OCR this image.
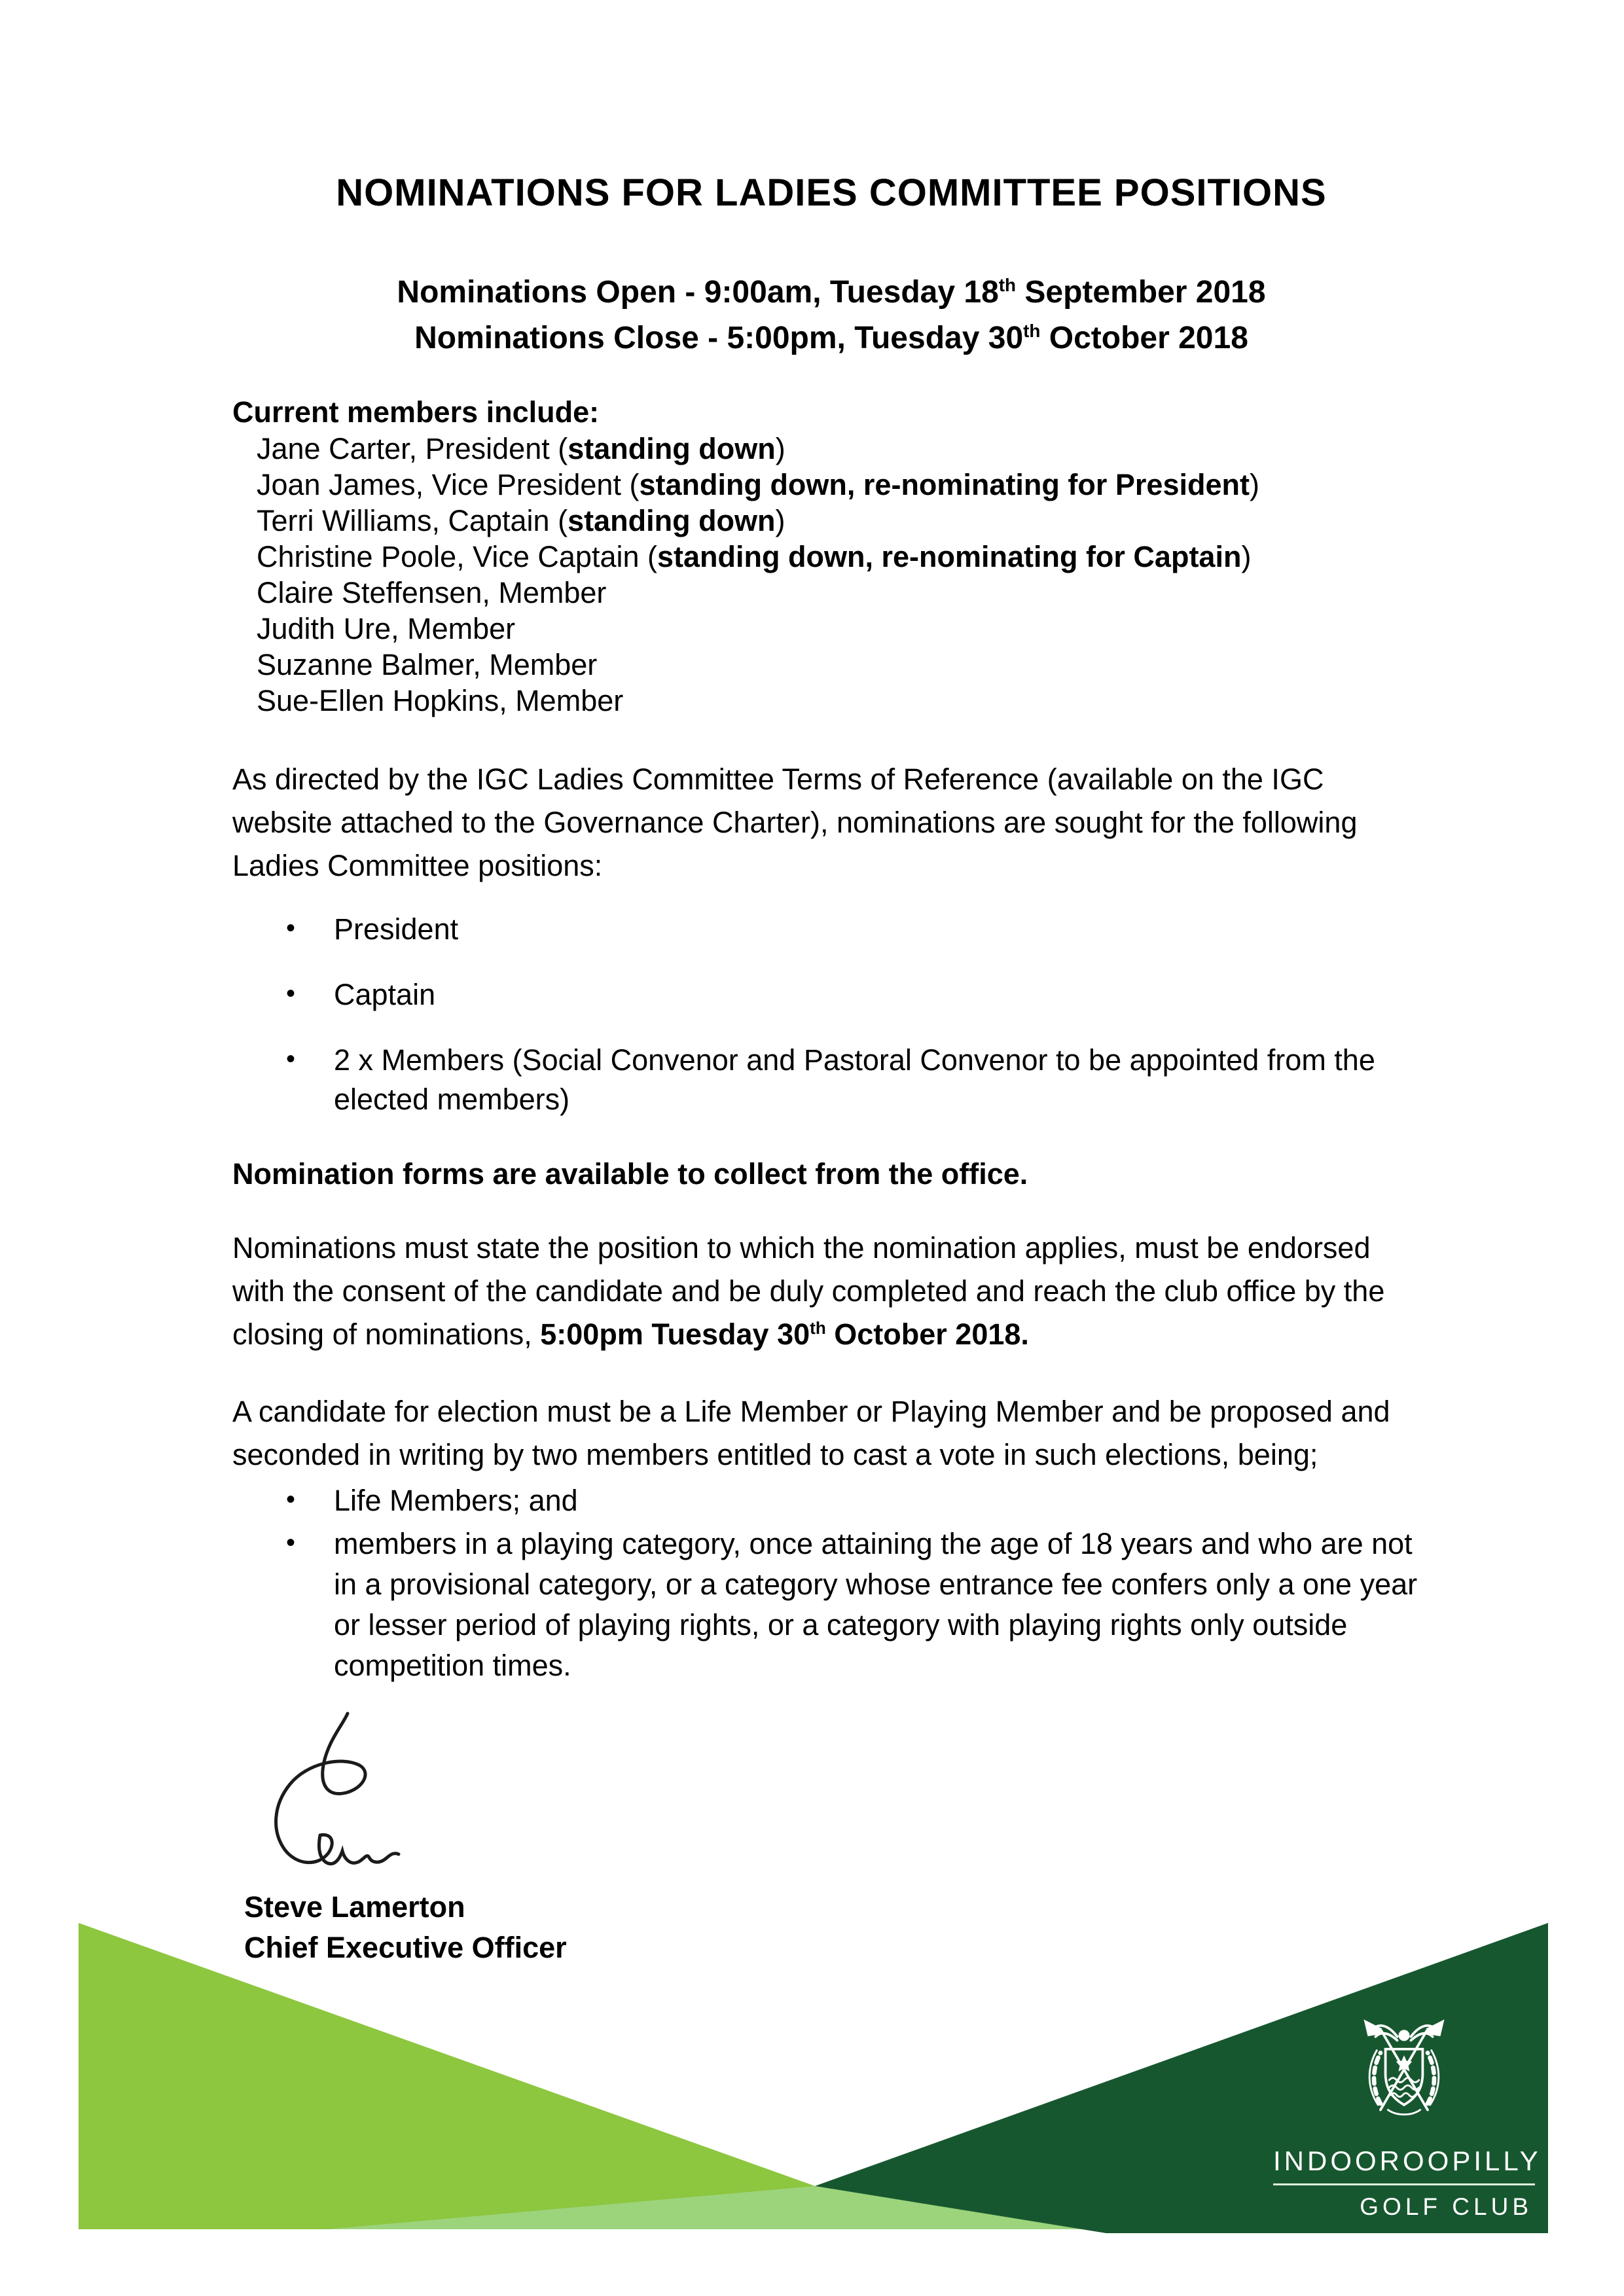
NOMINATIONS FOR LADIES COMMITTEE POSITIONS
Nominations Open - 9:00am, Tuesday 18th September 2018
Nominations Close - 5:00pm, Tuesday 30th October 2018
Current members include:
Jane Carter, President (standing down)
Joan James, Vice President (standing down, re-nominating for President)
Terri Williams, Captain (standing down)
Christine Poole, Vice Captain (standing down, re-nominating for Captain)
Claire Steffensen, Member
Judith Ure, Member
Suzanne Balmer, Member
Sue-Ellen Hopkins, Member
As directed by the IGC Ladies Committee Terms of Reference (available on the IGC website attached to the Governance Charter), nominations are sought for the following Ladies Committee positions:
• President
• Captain
• 2 x Members (Social Convenor and Pastoral Convenor to be appointed from the elected members)
Nomination forms are available to collect from the office.
Nominations must state the position to which the nomination applies, must be endorsed with the consent of the candidate and be duly completed and reach the club office by the closing of nominations, 5:00pm Tuesday 30th October 2018.
A candidate for election must be a Life Member or Playing Member and be proposed and seconded in writing by two members entitled to cast a vote in such elections, being;
• Life Members; and
• members in a playing category, once attaining the age of 18 years and who are not in a provisional category, or a category whose entrance fee confers only a one year or lesser period of playing rights, or a category with playing rights only outside competition times.
Steve Lamerton
Chief Executive Officer
INDOOROOPILLY
GOLF CLUB
